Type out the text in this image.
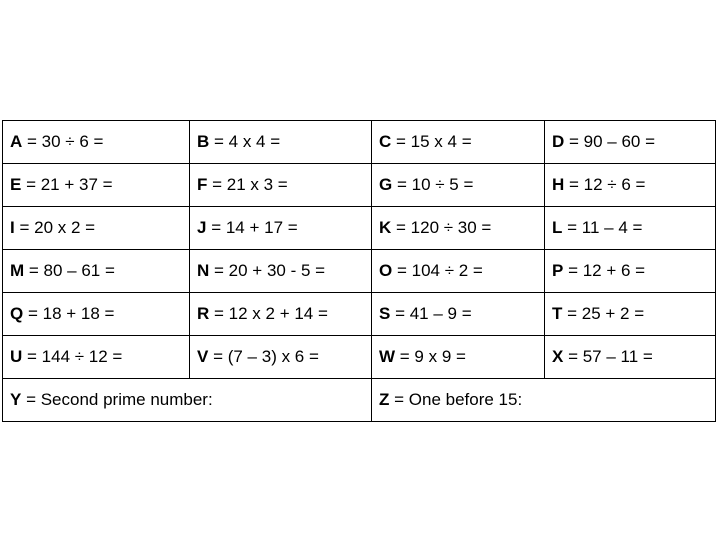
A = 30 ÷ 6 =	B = 4 x 4 =	C = 15 x 4 =	D = 90 – 60 =
E = 21 + 37 =	F = 21 x 3 =	G = 10 ÷ 5 =	H = 12 ÷ 6 =
I = 20 x 2 =	J = 14 + 17 =	K = 120 ÷ 30 =	L = 11 – 4 =
M = 80 – 61 =	N = 20 + 30 - 5 =	O = 104 ÷ 2 =	P = 12 + 6 =
Q = 18 + 18 =	R = 12 x 2 + 14 =	S = 41 – 9 =	T = 25 + 2 =
U = 144 ÷ 12 =	V = (7 – 3) x 6 =	W = 9 x 9 =	X = 57 – 11 =
Y = Second prime number:		Z = One before 15:	
